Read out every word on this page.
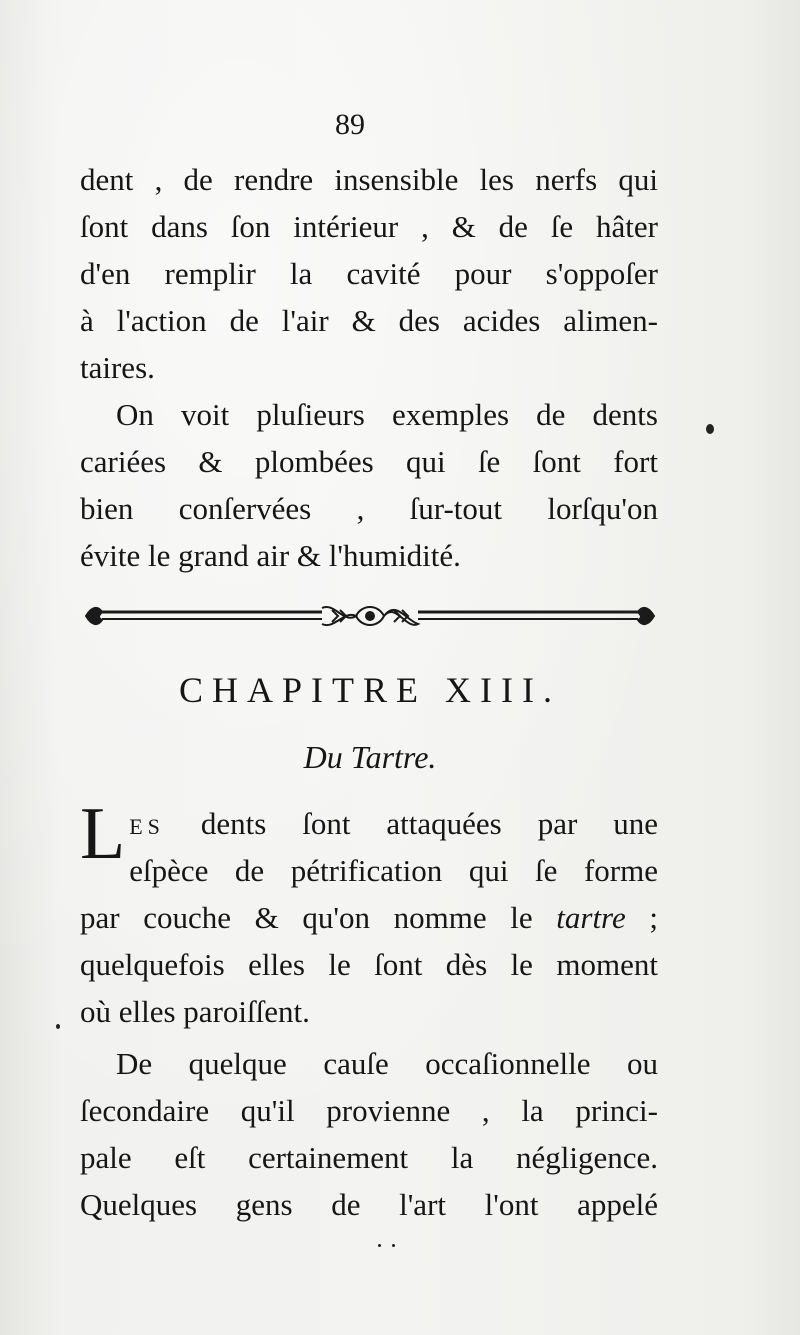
89
dent , de rendre insensible les nerfs qui
ſont dans ſon intérieur , & de ſe hâter
d'en remplir la cavité pour s'oppoſer
à l'action de l'air & des acides alimen-
taires.
On voit pluſieurs exemples de dents
cariées & plombées qui ſe ſont fort
bien conſervées , ſur-tout lorſqu'on
évite le grand air & l'humidité.
CHAPITRE XIII.
Du Tartre.
LES dents ſont attaquées par une
eſpèce de pétrification qui ſe forme
par couche & qu'on nomme le tartre ;
quelquefois elles le ſont dès le moment
où elles paroiſſent.
De quelque cauſe occaſionnelle ou
ſecondaire qu'il provienne , la princi-
pale eſt certainement la négligence.
Quelques gens de l'art l'ont appelé
